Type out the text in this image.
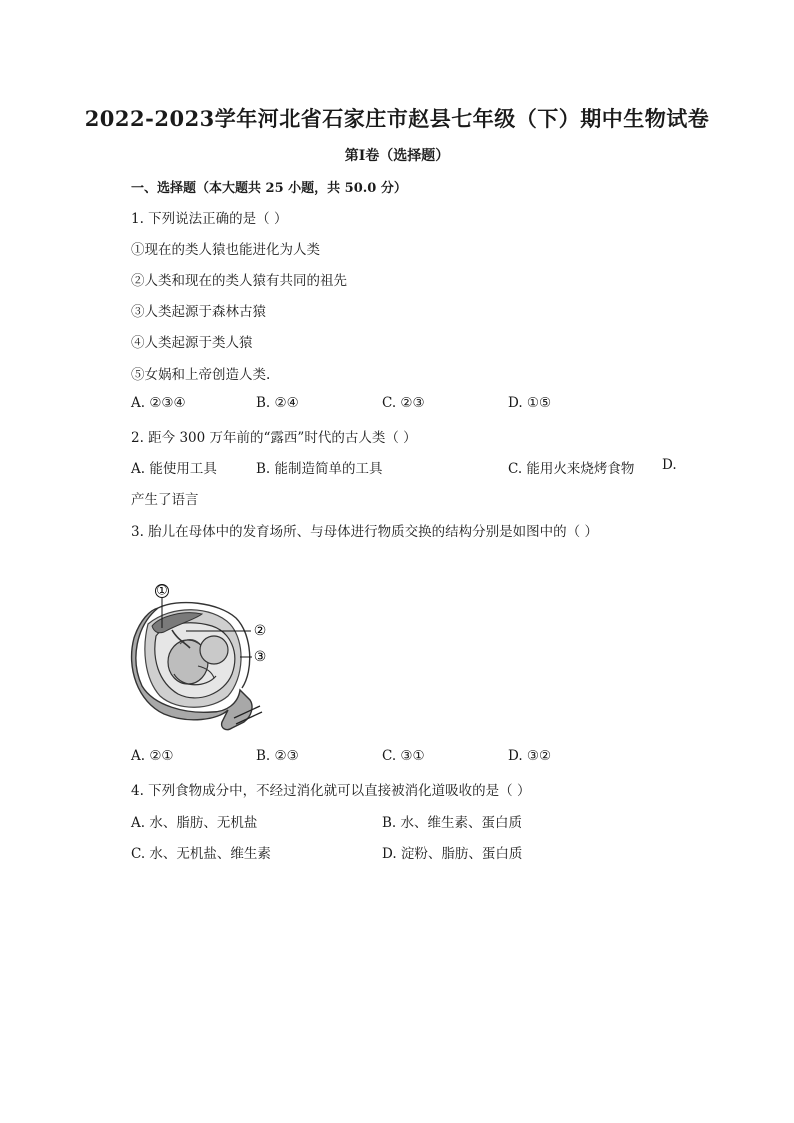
2022-2023学年河北省石家庄市赵县七年级（下）期中生物试卷
第Ⅰ卷（选择题）
一、选择题（本大题共 25 小题，共 50.0 分）
1. 下列说法正确的是（ ）
①现在的类人猿也能进化为人类
②人类和现在的类人猿有共同的祖先
③人类起源于森林古猿
④人类起源于类人猿
⑤女娲和上帝创造人类.
A. ②③④	B. ②④	C. ②③	D. ①⑤
2. 距今 300 万年前的“露西”时代的古人类（ ）
A. 能使用工具	B. 能制造简单的工具	C. 能用火来烧烤食物 D.
产生了语言
3. 胎儿在母体中的发育场所、与母体进行物质交换的结构分别是如图中的（ ）
①
②
③
A. ②①	B. ②③	C. ③①	D. ③②
4. 下列食物成分中，不经过消化就可以直接被消化道吸收的是（ ）
A. 水、脂肪、无机盐	B. 水、维生素、蛋白质
C. 水、无机盐、维生素	D. 淀粉、脂肪、蛋白质
